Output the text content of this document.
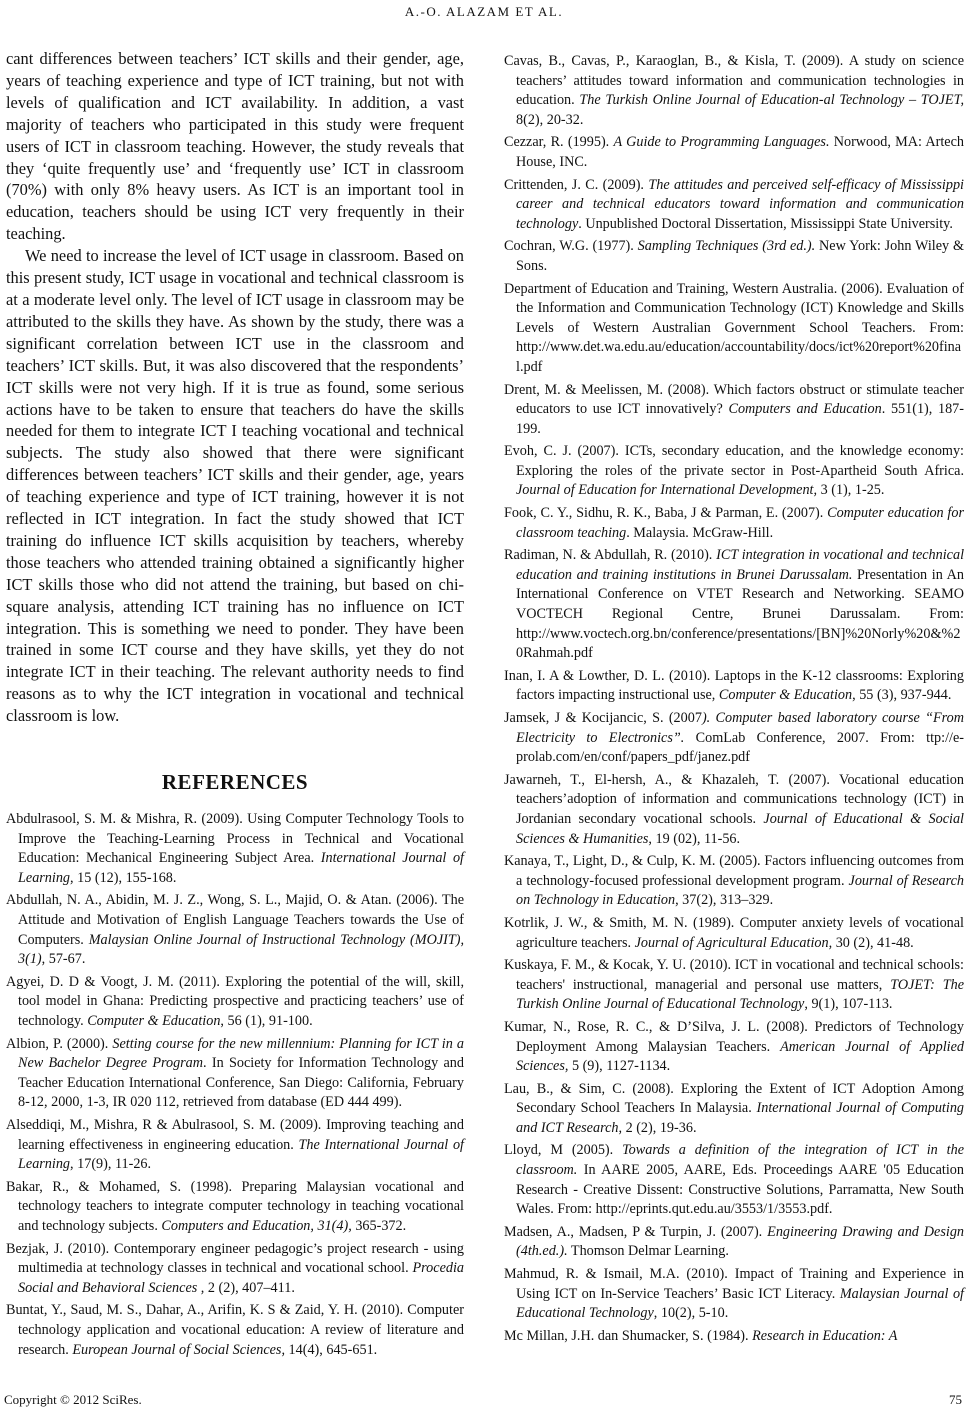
A.-O. ALAZAM ET AL.

cant differences between teachers’ ICT skills and their gender, age, years of teaching experience and type of ICT training, but not with levels of qualification and ICT availability. In addition, a vast majority of teachers who participated in this study were frequent users of ICT in classroom teaching. However, the study reveals that they ‘quite frequently use’ and ‘frequently use’ ICT in classroom (70%) with only 8% heavy users. As ICT is an important tool in education, teachers should be using ICT very frequently in their teaching.

We need to increase the level of ICT usage in classroom. Based on this present study, ICT usage in vocational and technical classroom is at a moderate level only. The level of ICT usage in classroom may be attributed to the skills they have. As shown by the study, there was a significant correlation between ICT use in the classroom and teachers’ ICT skills. But, it was also discovered that the respondents’ ICT skills were not very high. If it is true as found, some serious actions have to be taken to ensure that teachers do have the skills needed for them to integrate ICT I teaching vocational and technical subjects. The study also showed that there were significant differences between teachers’ ICT skills and their gender, age, years of teaching experience and type of ICT training, however it is not reflected in ICT integration. In fact the study showed that ICT training do influence ICT skills acquisition by teachers, whereby those teachers who attended training obtained a significantly higher ICT skills those who did not attend the training, but based on chi-square analysis, attending ICT training has no influence on ICT integration. This is something we need to ponder. They have been trained in some ICT course and they have skills, yet they do not integrate ICT in their teaching. The relevant authority needs to find reasons as to why the ICT integration in vocational and technical classroom is low.

REFERENCES

Abdulrasool, S. M. & Mishra, R. (2009). Using Computer Technology Tools to Improve the Teaching-Learning Process in Technical and Vocational Education: Mechanical Engineering Subject Area. International Journal of Learning, 15 (12), 155-168.

Abdullah, N. A., Abidin, M. J. Z., Wong, S. L., Majid, O. & Atan. (2006). The Attitude and Motivation of English Language Teachers towards the Use of Computers. Malaysian Online Journal of Instructional Technology (MOJIT), 3(1), 57-67.

Agyei, D. D & Voogt, J. M. (2011). Exploring the potential of the will, skill, tool model in Ghana: Predicting prospective and practicing teachers’ use of technology. Computer & Education, 56 (1), 91-100.

Albion, P. (2000). Setting course for the new millennium: Planning for ICT in a New Bachelor Degree Program. In Society for Information Technology and Teacher Education International Conference, San Diego: California, February 8-12, 2000, 1-3, IR 020 112, retrieved from database (ED 444 499).

Alseddiqi, M., Mishra, R & Abulrasool, S. M. (2009). Improving teaching and learning effectiveness in engineering education. The International Journal of Learning, 17(9), 11-26.

Bakar, R., & Mohamed, S. (1998). Preparing Malaysian vocational and technology teachers to integrate computer technology in teaching vocational and technology subjects. Computers and Education, 31(4), 365-372.

Bezjak, J. (2010). Contemporary engineer pedagogic’s project research - using multimedia at technology classes in technical and vocational school. Procedia Social and Behavioral Sciences , 2 (2), 407–411.

Buntat, Y., Saud, M. S., Dahar, A., Arifin, K. S & Zaid, Y. H. (2010). Computer technology application and vocational education: A review of literature and research. European Journal of Social Sciences, 14(4), 645-651.

Cavas, B., Cavas, P., Karaoglan, B., & Kisla, T. (2009). A study on science teachers’ attitudes toward information and communication technologies in education. The Turkish Online Journal of Education-al Technology – TOJET, 8(2), 20-32.

Cezzar, R. (1995). A Guide to Programming Languages. Norwood, MA: Artech House, INC.

Crittenden, J. C. (2009). The attitudes and perceived self-efficacy of Mississippi career and technical educators toward information and communication technology. Unpublished Doctoral Dissertation, Mississippi State University.

Cochran, W.G. (1977). Sampling Techniques (3rd ed.). New York: John Wiley & Sons.

Department of Education and Training, Western Australia. (2006). Evaluation of the Information and Communication Technology (ICT) Knowledge and Skills Levels of Western Australian Government School Teachers. From: http://www.det.wa.edu.au/education/accountability/docs/ict%20report%20final.pdf

Drent, M. & Meelissen, M. (2008). Which factors obstruct or stimulate teacher educators to use ICT innovatively? Computers and Education. 551(1), 187-199.

Evoh, C. J. (2007). ICTs, secondary education, and the knowledge economy: Exploring the roles of the private sector in Post-Apartheid South Africa. Journal of Education for International Development, 3 (1), 1-25.

Fook, C. Y., Sidhu, R. K., Baba, J & Parman, E. (2007). Computer education for classroom teaching. Malaysia. McGraw-Hill.

Radiman, N. & Abdullah, R. (2010). ICT integration in vocational and technical education and training institutions in Brunei Darussalam. Presentation in An International Conference on VTET Research and Networking. SEAMO VOCTECH Regional Centre, Brunei Darussalam. From: http://www.voctech.org.bn/conference/presentations/[BN]%20Norly%20&%20Rahmah.pdf

Inan, I. A & Lowther, D. L. (2010). Laptops in the K-12 classrooms: Exploring factors impacting instructional use, Computer & Education, 55 (3), 937-944.

Jamsek, J & Kocijancic, S. (2007). Computer based laboratory course “From Electricity to Electronics”. ComLab Conference, 2007. From: ttp://e-prolab.com/en/conf/papers_pdf/janez.pdf

Jawarneh, T., El-hersh, A., & Khazaleh, T. (2007). Vocational education teachers’adoption of information and communications technology (ICT) in Jordanian secondary vocational schools. Journal of Educational & Social Sciences & Humanities, 19 (02), 11-56.

Kanaya, T., Light, D., & Culp, K. M. (2005). Factors influencing outcomes from a technology-focused professional development program. Journal of Research on Technology in Education, 37(2), 313–329.

Kotrlik, J. W., & Smith, M. N. (1989). Computer anxiety levels of vocational agriculture teachers. Journal of Agricultural Education, 30 (2), 41-48.

Kuskaya, F. M., & Kocak, Y. U. (2010). ICT in vocational and technical schools: teachers' instructional, managerial and personal use matters, TOJET: The Turkish Online Journal of Educational Technology, 9(1), 107-113.

Kumar, N., Rose, R. C., & D’Silva, J. L. (2008). Predictors of Technology Deployment Among Malaysian Teachers. American Journal of Applied Sciences, 5 (9), 1127-1134.

Lau, B., & Sim, C. (2008). Exploring the Extent of ICT Adoption Among Secondary School Teachers In Malaysia. International Journal of Computing and ICT Research, 2 (2), 19-36.

Lloyd, M (2005). Towards a definition of the integration of ICT in the classroom. In AARE 2005, AARE, Eds. Proceedings AARE '05 Education Research - Creative Dissent: Constructive Solutions, Parramatta, New South Wales. From: http://eprints.qut.edu.au/3553/1/3553.pdf.

Madsen, A., Madsen, P & Turpin, J. (2007). Engineering Drawing and Design (4th.ed.). Thomson Delmar Learning.

Mahmud, R. & Ismail, M.A. (2010). Impact of Training and Experience in Using ICT on In-Service Teachers’ Basic ICT Literacy. Malaysian Journal of Educational Technology, 10(2), 5-10.

Mc Millan, J.H. dan Shumacker, S. (1984). Research in Education: A

Copyright © 2012 SciRes.	75
